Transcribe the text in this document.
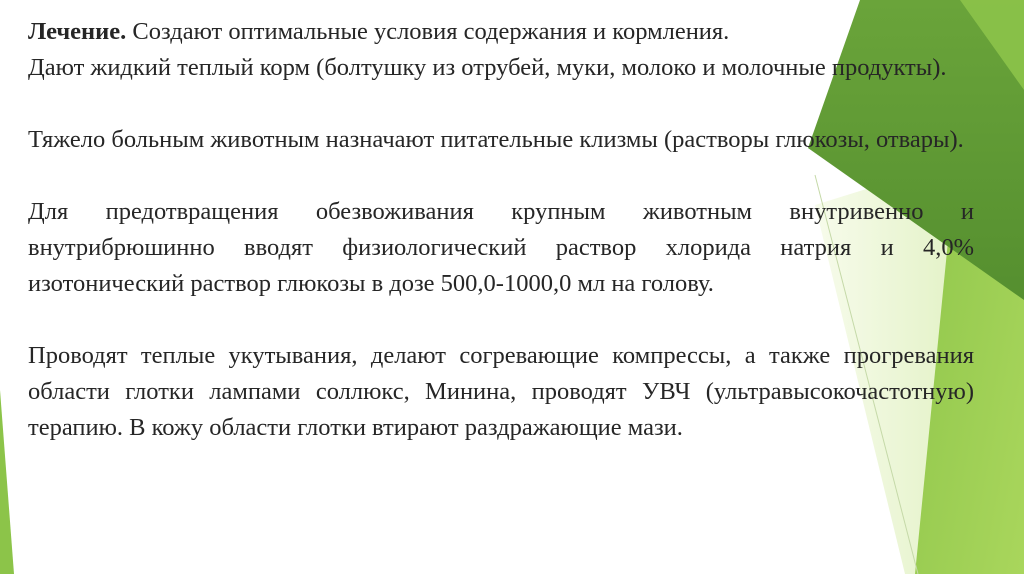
Лечение. Создают оптимальные условия содержания и кормления.
Дают жидкий теплый корм (болтушку из отрубей, муки, молоко и молочные продукты).
Тяжело больным животным назначают питательные клизмы (растворы глюкозы, отвары).
Для предотвращения обезвоживания крупным животным внутривенно и внутрибрюшинно вводят физиологический раствор хлорида натрия и 4,0% изотонический раствор глюкозы в дозе 500,0-1000,0 мл на голову.
Проводят теплые укутывания, делают согревающие компрессы, а также прогревания области глотки лампами соллюкс, Минина, проводят УВЧ (ультравысокочастотную) терапию. В кожу области глотки втирают раздражающие мази.
